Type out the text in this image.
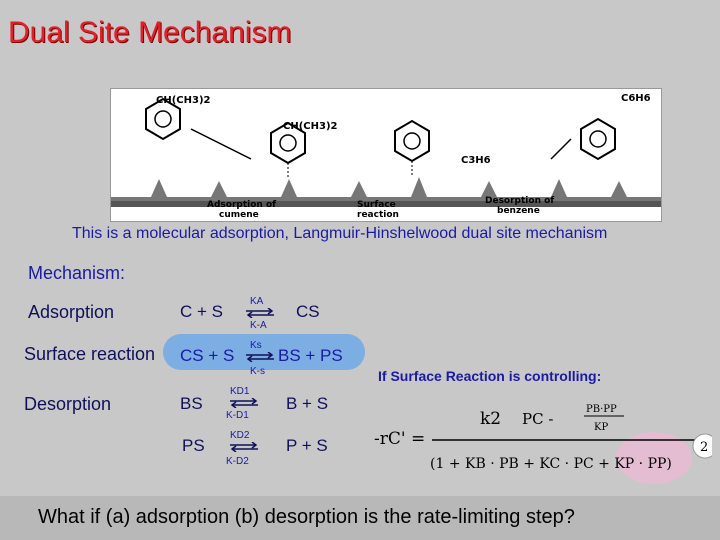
Dual Site Mechanism
CH(CH3)2
CH(CH3)2
C6H6
C3H6
Adsorption of
cumene
Surface
reaction
Desorption of
benzene
This is a molecular adsorption, Langmuir-Hinshelwood dual site mechanism
Mechanism:
Adsorption	C + S
KA
K-A
CS
Surface reaction CS + S
Ks
K-s
BS + PS
Desorption	BS
KD1
K-D1
B + S
PS
KD2
K-D2
P + S
If Surface Reaction is controlling:
-rC' =
k2 PC -
PB·PP
KP
(1 + KB · PB + KC · PC + KP · PP)
2
What if (a) adsorption (b) desorption is the rate-limiting step?
